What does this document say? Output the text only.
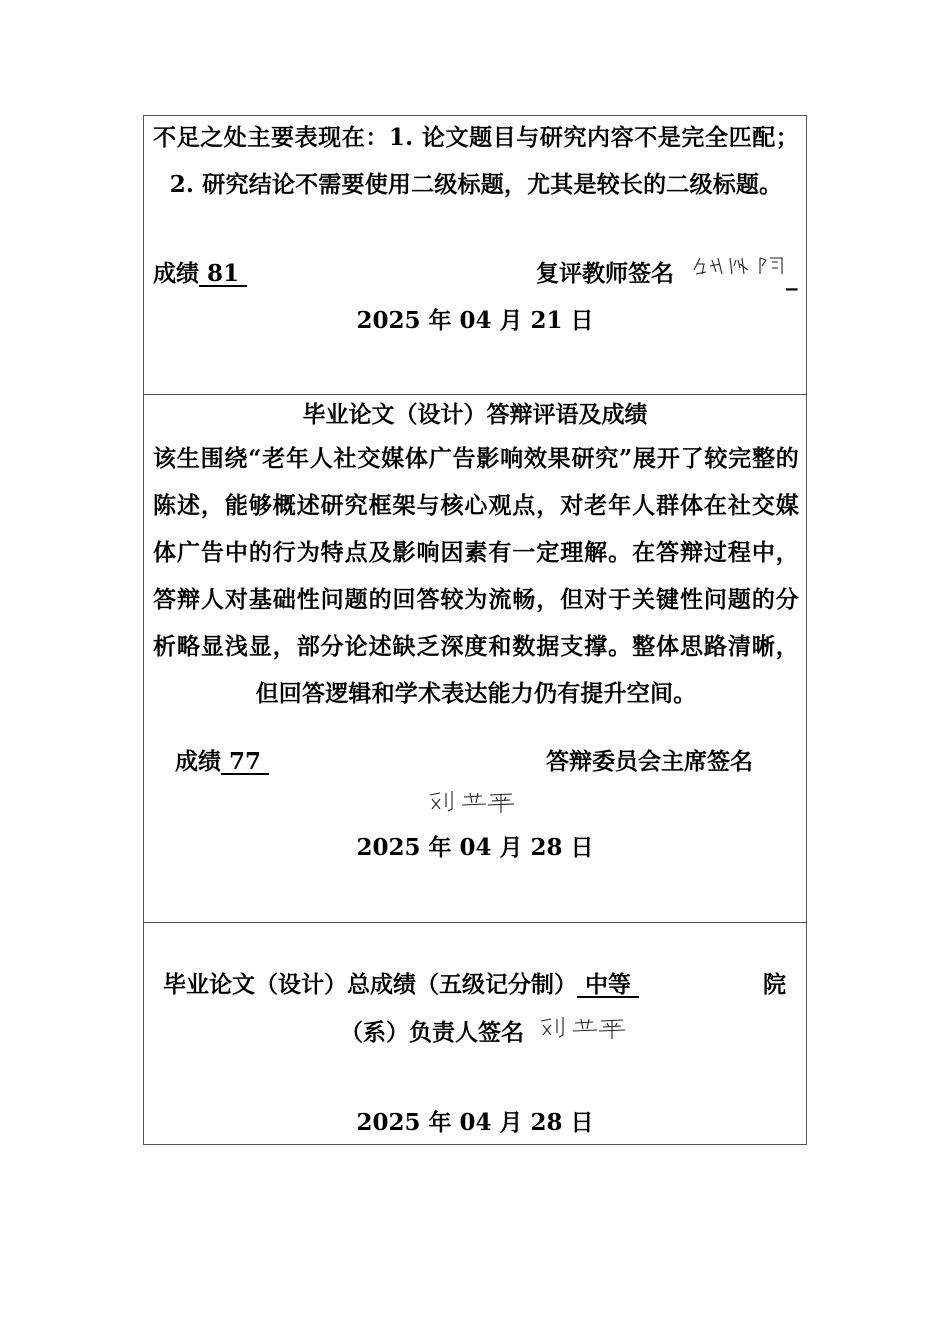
不足之处主要表现在：1. 论文题目与研究内容不是完全匹配；2. 研究结论不需要使用二级标题，尤其是较长的二级标题。
成绩 81	复评教师签名	_
2025 年 04 月 21 日
毕业论文（设计）答辩评语及成绩
该生围绕“老年人社交媒体广告影响效果研究”展开了较完整的陈述，能够概述研究框架与核心观点，对老年人群体在社交媒体广告中的行为特点及影响因素有一定理解。在答辩过程中，答辩人对基础性问题的回答较为流畅，但对于关键性问题的分析略显浅显，部分论述缺乏深度和数据支撑。整体思路清晰，但回答逻辑和学术表达能力仍有提升空间。
成绩 77	答辩委员会主席签名
2025 年 04 月 28 日
毕业论文（设计）总成绩（五级记分制） 中等	院
（系）负责人签名
2025 年 04 月 28 日
